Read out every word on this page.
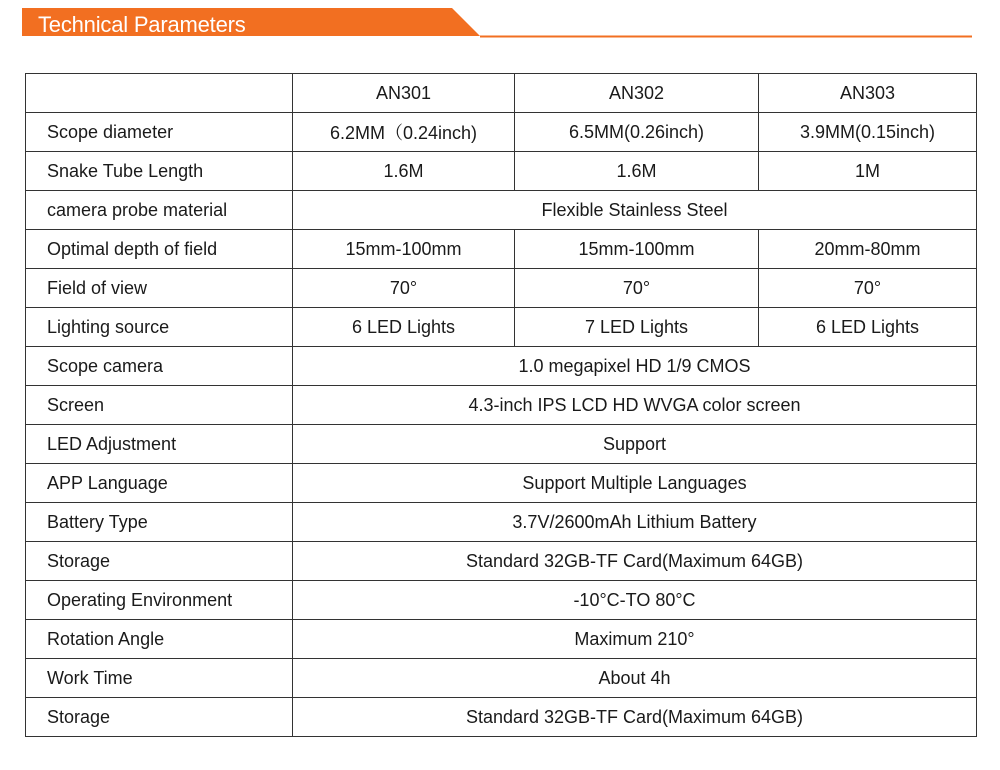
Technical Parameters
	AN301	AN302	AN303
Scope diameter	6.2MM（0.24inch)	6.5MM(0.26inch)	3.9MM(0.15inch)
Snake Tube Length	1.6M	1.6M	1M
camera probe material	Flexible Stainless Steel		
Optimal depth of field	15mm-100mm	15mm-100mm	20mm-80mm
Field of view	70°	70°	70°
Lighting source	6 LED Lights	7 LED Lights	6 LED Lights
Scope camera	1.0 megapixel HD 1/9 CMOS		
Screen	4.3-inch IPS LCD HD WVGA color screen		
LED Adjustment	Support		
APP Language	Support Multiple Languages		
Battery Type	3.7V/2600mAh Lithium Battery		
Storage	Standard 32GB-TF Card(Maximum 64GB)		
Operating Environment	-10°C-TO 80°C		
Rotation Angle	Maximum 210°		
Work Time	About 4h		
Storage	Standard 32GB-TF Card(Maximum 64GB)		
